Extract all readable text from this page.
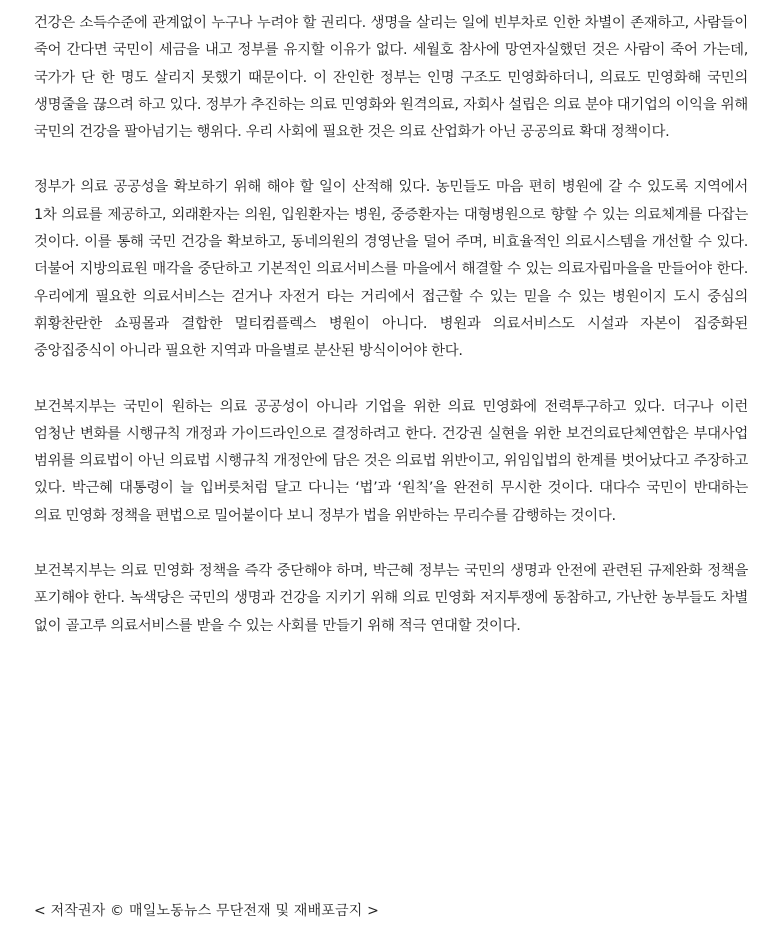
건강은 소득수준에 관계없이 누구나 누려야 할 권리다. 생명을 살리는 일에 빈부차로 인한 차별이 존재하고, 사람들이 죽어 간다면 국민이 세금을 내고 정부를 유지할 이유가 없다. 세월호 참사에 망연자실했던 것은 사람이 죽어 가는데, 국가가 단 한 명도 살리지 못했기 때문이다. 이 잔인한 정부는 인명 구조도 민영화하더니, 의료도 민영화해 국민의 생명줄을 끊으려 하고 있다. 정부가 추진하는 의료 민영화와 원격의료, 자회사 설립은 의료 분야 대기업의 이익을 위해 국민의 건강을 팔아넘기는 행위다. 우리 사회에 필요한 것은 의료 산업화가 아닌 공공의료 확대 정책이다.

정부가 의료 공공성을 확보하기 위해 해야 할 일이 산적해 있다. 농민들도 마음 편히 병원에 갈 수 있도록 지역에서 1차 의료를 제공하고, 외래환자는 의원, 입원환자는 병원, 중증환자는 대형병원으로 향할 수 있는 의료체계를 다잡는 것이다. 이를 통해 국민 건강을 확보하고, 동네의원의 경영난을 덜어 주며, 비효율적인 의료시스템을 개선할 수 있다. 더불어 지방의료원 매각을 중단하고 기본적인 의료서비스를 마을에서 해결할 수 있는 의료자립마을을 만들어야 한다. 우리에게 필요한 의료서비스는 걷거나 자전거 타는 거리에서 접근할 수 있는 믿을 수 있는 병원이지 도시 중심의 휘황찬란한 쇼핑몰과 결합한 멀티컴플렉스 병원이 아니다. 병원과 의료서비스도 시설과 자본이 집중화된 중앙집중식이 아니라 필요한 지역과 마을별로 분산된 방식이어야 한다.

보건복지부는 국민이 원하는 의료 공공성이 아니라 기업을 위한 의료 민영화에 전력투구하고 있다. 더구나 이런 엄청난 변화를 시행규칙 개정과 가이드라인으로 결정하려고 한다. 건강권 실현을 위한 보건의료단체연합은 부대사업 범위를 의료법이 아닌 의료법 시행규칙 개정안에 담은 것은 의료법 위반이고, 위임입법의 한계를 벗어났다고 주장하고 있다. 박근혜 대통령이 늘 입버릇처럼 달고 다니는 ‘법’과 ‘원칙’을 완전히 무시한 것이다. 대다수 국민이 반대하는 의료 민영화 정책을 편법으로 밀어붙이다 보니 정부가 법을 위반하는 무리수를 감행하는 것이다.

보건복지부는 의료 민영화 정책을 즉각 중단해야 하며, 박근혜 정부는 국민의 생명과 안전에 관련된 규제완화 정책을 포기해야 한다. 녹색당은 국민의 생명과 건강을 지키기 위해 의료 민영화 저지투쟁에 동참하고, 가난한 농부들도 차별 없이 골고루 의료서비스를 받을 수 있는 사회를 만들기 위해 적극 연대할 것이다.

< 저작권자 © 매일노동뉴스 무단전재 및 재배포금지 >
